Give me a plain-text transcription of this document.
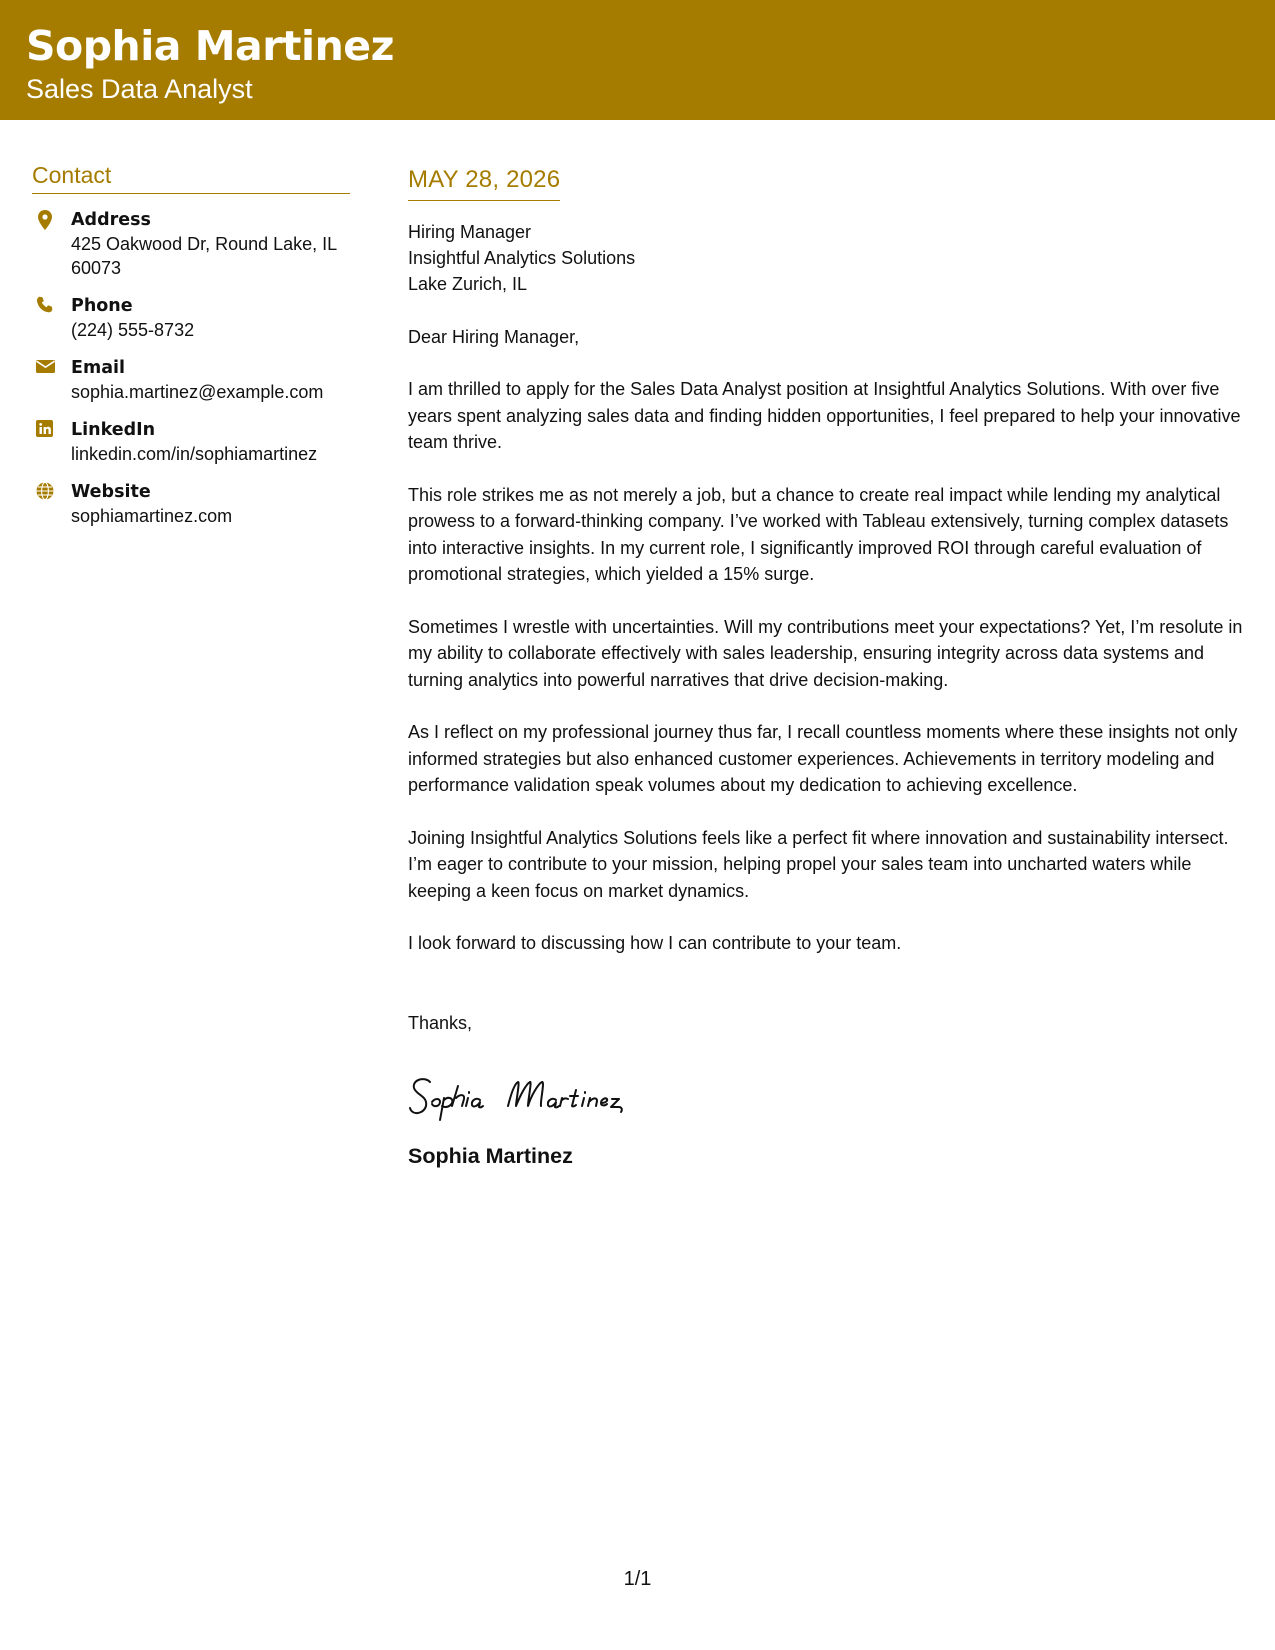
Sophia Martinez
Sales Data Analyst
Contact
Address
425 Oakwood Dr, Round Lake, IL 60073
Phone
(224) 555-8732
Email
sophia.martinez@example.com
LinkedIn
linkedin.com/in/sophiamartinez
Website
sophiamartinez.com
MAY 28, 2026
Hiring Manager
Insightful Analytics Solutions
Lake Zurich, IL
Dear Hiring Manager,
I am thrilled to apply for the Sales Data Analyst position at Insightful Analytics Solutions. With over five years spent analyzing sales data and finding hidden opportunities, I feel prepared to help your innovative team thrive.
This role strikes me as not merely a job, but a chance to create real impact while lending my analytical prowess to a forward-thinking company. I’ve worked with Tableau extensively, turning complex datasets into interactive insights. In my current role, I significantly improved ROI through careful evaluation of promotional strategies, which yielded a 15% surge.
Sometimes I wrestle with uncertainties. Will my contributions meet your expectations? Yet, I’m resolute in my ability to collaborate effectively with sales leadership, ensuring integrity across data systems and turning analytics into powerful narratives that drive decision-making.
As I reflect on my professional journey thus far, I recall countless moments where these insights not only informed strategies but also enhanced customer experiences. Achievements in territory modeling and performance validation speak volumes about my dedication to achieving excellence.
Joining Insightful Analytics Solutions feels like a perfect fit where innovation and sustainability intersect. I’m eager to contribute to your mission, helping propel your sales team into uncharted waters while keeping a keen focus on market dynamics.
I look forward to discussing how I can contribute to your team.
Thanks,
Sophia Martinez
1/1
